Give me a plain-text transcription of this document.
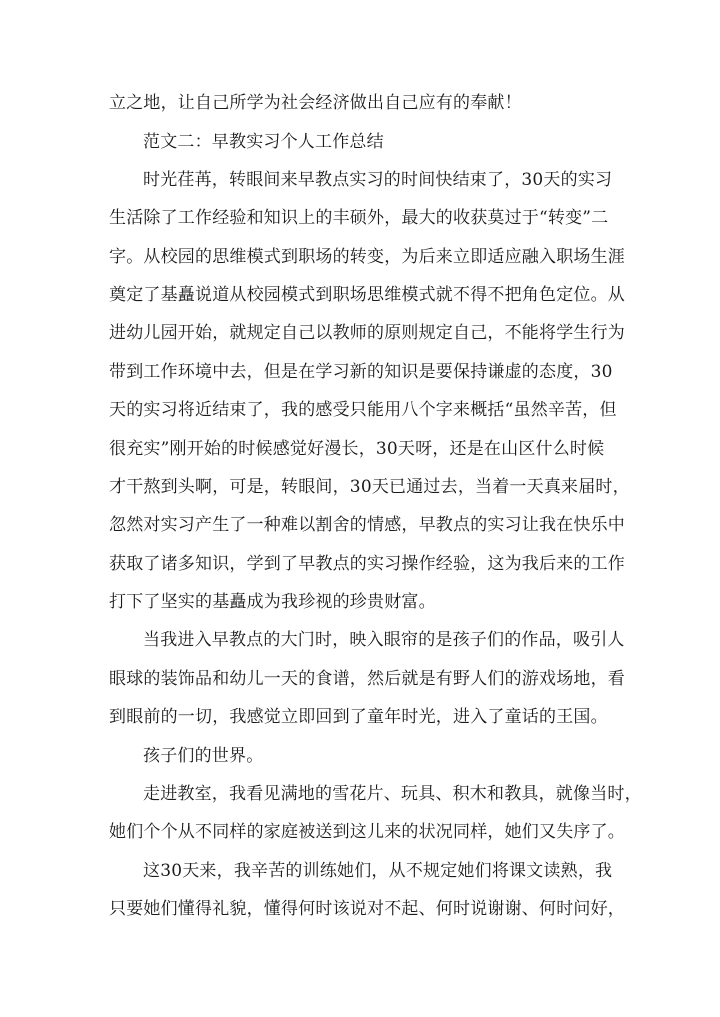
立之地，让自己所学为社会经济做出自己应有的奉献！
范文二：早教实习个人工作总结
时光荏苒，转眼间来早教点实习的时间快结束了，30天的实习
生活除了工作经验和知识上的丰硕外，最大的收获莫过于“转变”二
字。从校园的思维模式到职场的转变，为后来立即适应融入职场生涯
奠定了基矗说道从校园模式到职场思维模式就不得不把角色定位。从
进幼儿园开始，就规定自己以教师的原则规定自己，不能将学生行为
带到工作环境中去，但是在学习新的知识是要保持谦虚的态度，30
天的实习将近结束了，我的感受只能用八个字来概括“虽然辛苦，但
很充实”刚开始的时候感觉好漫长，30天呀，还是在山区什么时候
才干熬到头啊，可是，转眼间，30天已通过去，当着一天真来届时，
忽然对实习产生了一种难以割舍的情感，早教点的实习让我在快乐中
获取了诸多知识，学到了早教点的实习操作经验，这为我后来的工作
打下了坚实的基矗成为我珍视的珍贵财富。
当我进入早教点的大门时，映入眼帘的是孩子们的作品，吸引人
眼球的装饰品和幼儿一天的食谱，然后就是有野人们的游戏场地，看
到眼前的一切，我感觉立即回到了童年时光，进入了童话的王国。
孩子们的世界。
走进教室，我看见满地的雪花片、玩具、积木和教具，就像当时，
她们个个从不同样的家庭被送到这儿来的状况同样，她们又失序了。
这30天来，我辛苦的训练她们，从不规定她们将课文读熟，我
只要她们懂得礼貌，懂得何时该说对不起、何时说谢谢、何时问好，
